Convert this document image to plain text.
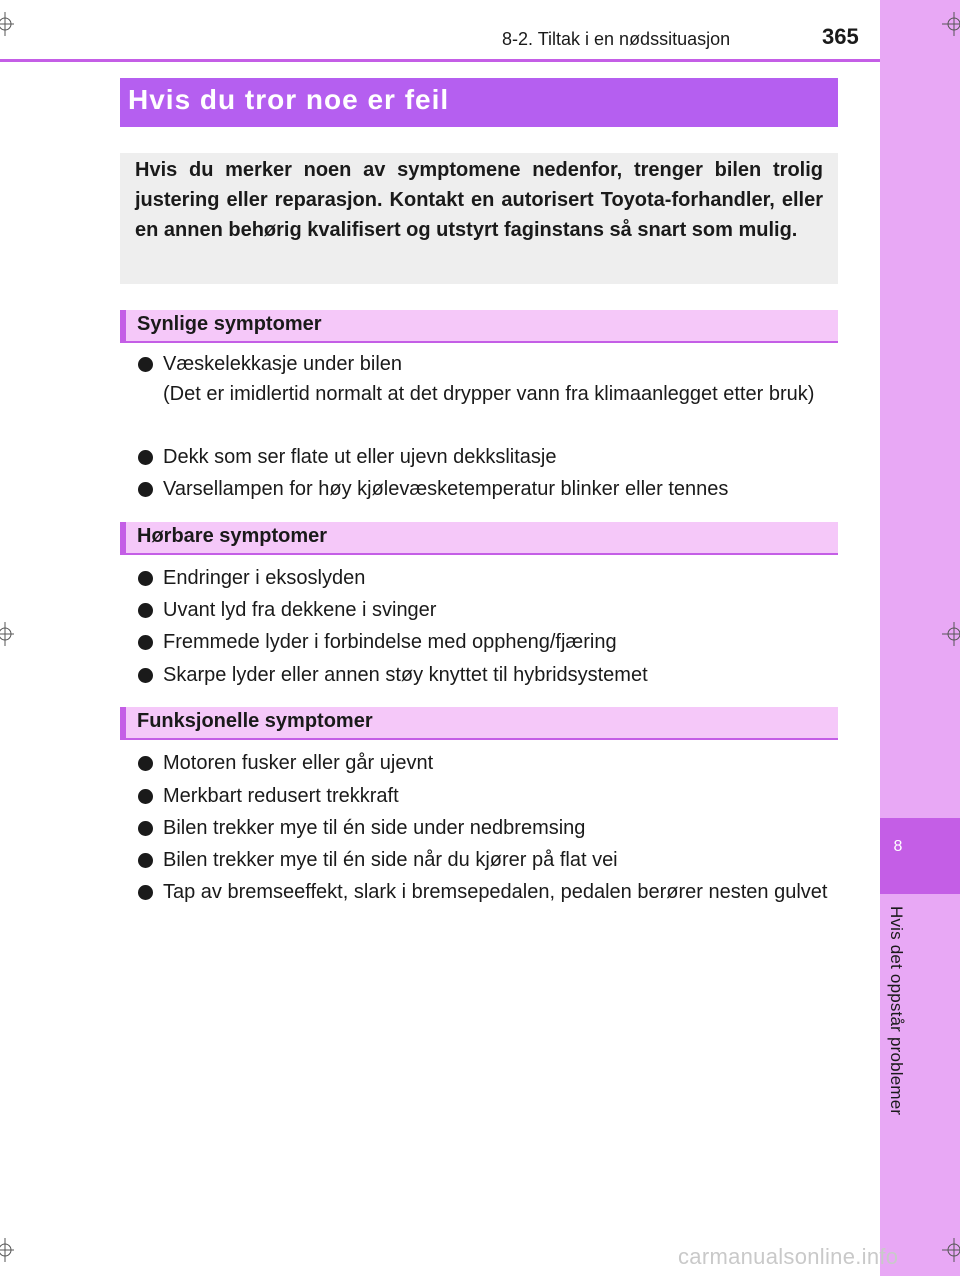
8
Hvis det oppstår problemer
8-2. Tiltak i en nødssituasjon	365
Hvis du tror noe er feil
Hvis du merker noen av symptomene nedenfor, trenger bilen trolig justering eller reparasjon. Kontakt en autorisert Toyota-forhandler, eller en annen behørig kvalifisert og utstyrt faginstans så snart som mulig.
Synlige symptomer
Væskelekkasje under bilen
(Det er imidlertid normalt at det drypper vann fra klimaanlegget etter bruk)
Dekk som ser flate ut eller ujevn dekkslitasje
Varsellampen for høy kjølevæsketemperatur blinker eller tennes
Hørbare symptomer
Endringer i eksoslyden
Uvant lyd fra dekkene i svinger
Fremmede lyder i forbindelse med oppheng/fjæring
Skarpe lyder eller annen støy knyttet til hybridsystemet
Funksjonelle symptomer
Motoren fusker eller går ujevnt
Merkbart redusert trekkraft
Bilen trekker mye til én side under nedbremsing
Bilen trekker mye til én side når du kjører på flat vei
Tap av bremseeffekt, slark i bremsepedalen, pedalen berører nesten gulvet
carmanualsonline.info
